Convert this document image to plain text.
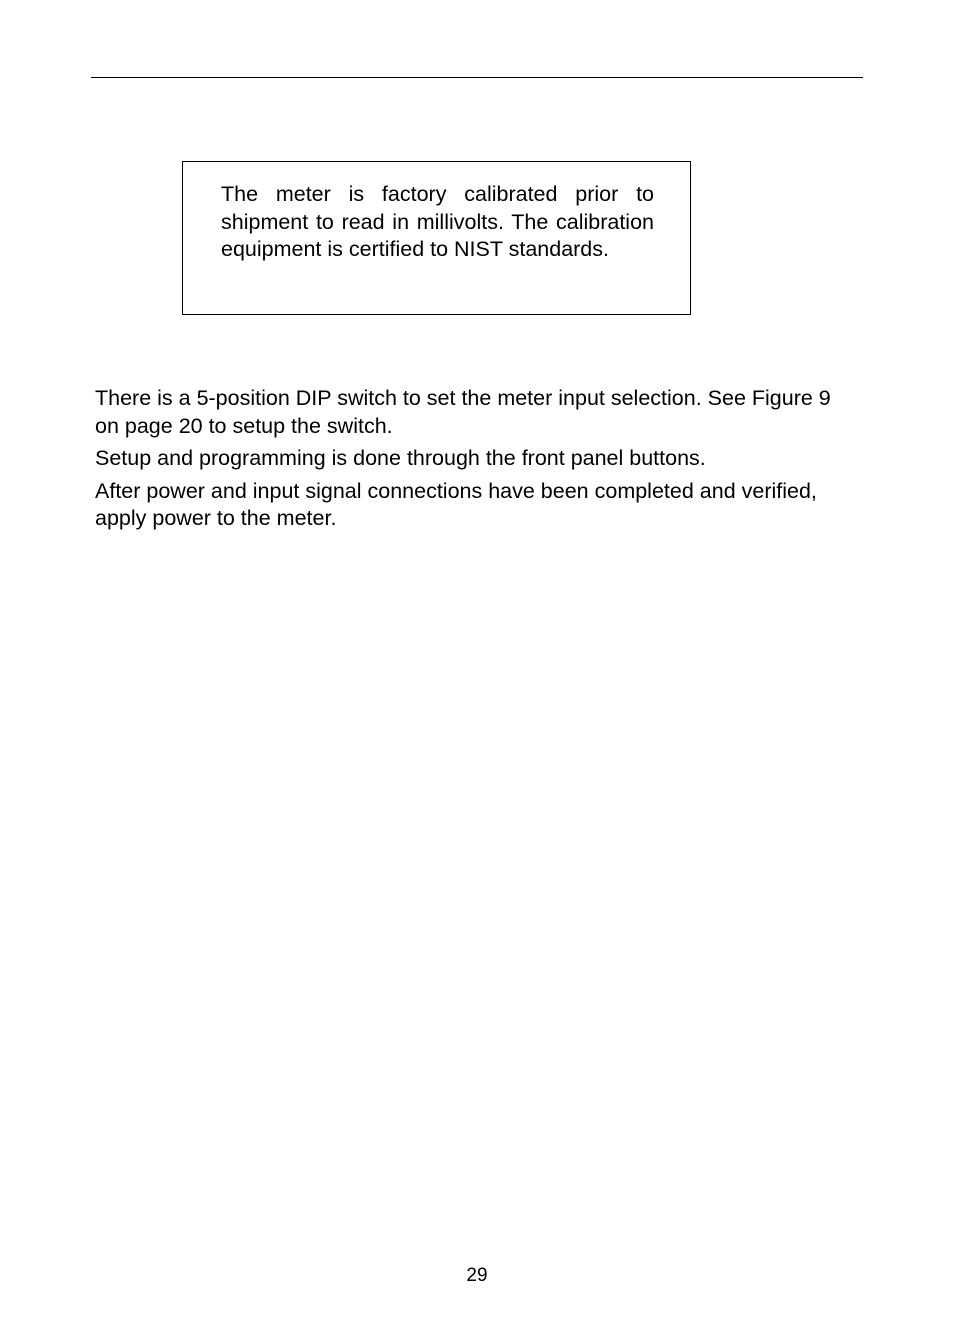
The meter is factory calibrated prior to shipment to read in millivolts. The calibration equipment is certified to NIST standards.

There is a 5-position DIP switch to set the meter input selection. See Figure 9 on page 20 to setup the switch.

Setup and programming is done through the front panel buttons.

After power and input signal connections have been completed and verified, apply power to the meter.

29
